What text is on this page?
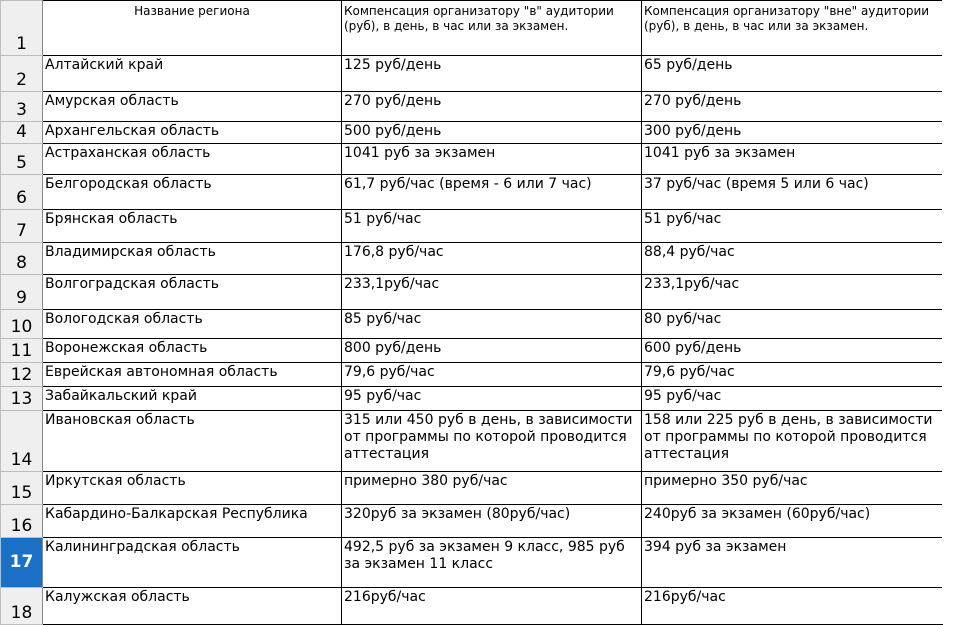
1	Название региона	Компенсация организатору "в" аудитории (руб), в день, в час или за экзамен.	Компенсация организатору "вне" аудитории (руб), в день, в час или за экзамен.
2	Алтайский край	125 руб/день	65 руб/день
3	Амурская область	270 руб/день	270 руб/день
4	Архангельская область	500 руб/день	300 руб/день
5	Астраханская область	1041 руб за экзамен	1041 руб за экзамен
6	Белгородская область	61,7 руб/час (время - 6 или 7 час)	37 руб/час (время 5 или 6 час)
7	Брянская область	51 руб/час	51 руб/час
8	Владимирская область	176,8 руб/час	88,4 руб/час
9	Волгоградская область	233,1руб/час	233,1руб/час
10	Вологодская область	85 руб/час	80 руб/час
11	Воронежская область	800 руб/день	600 руб/день
12	Еврейская автономная область	79,6 руб/час	79,6 руб/час
13	Забайкальский край	95 руб/час	95 руб/час
14	Ивановская область	315 или 450 руб в день, в зависимости от программы по которой проводится аттестация	158 или 225 руб в день, в зависимости от программы по которой проводится аттестация
15	Иркутская область	примерно 380 руб/час	примерно 350 руб/час
16	Кабардино-Балкарская Республика	320руб за экзамен (80руб/час)	240руб за экзамен (60руб/час)
17	Калининградская область	492,5 руб за экзамен 9 класс, 985 руб за экзамен 11 класс	394 руб за экзамен
18	Калужская область	216руб/час	216руб/час
